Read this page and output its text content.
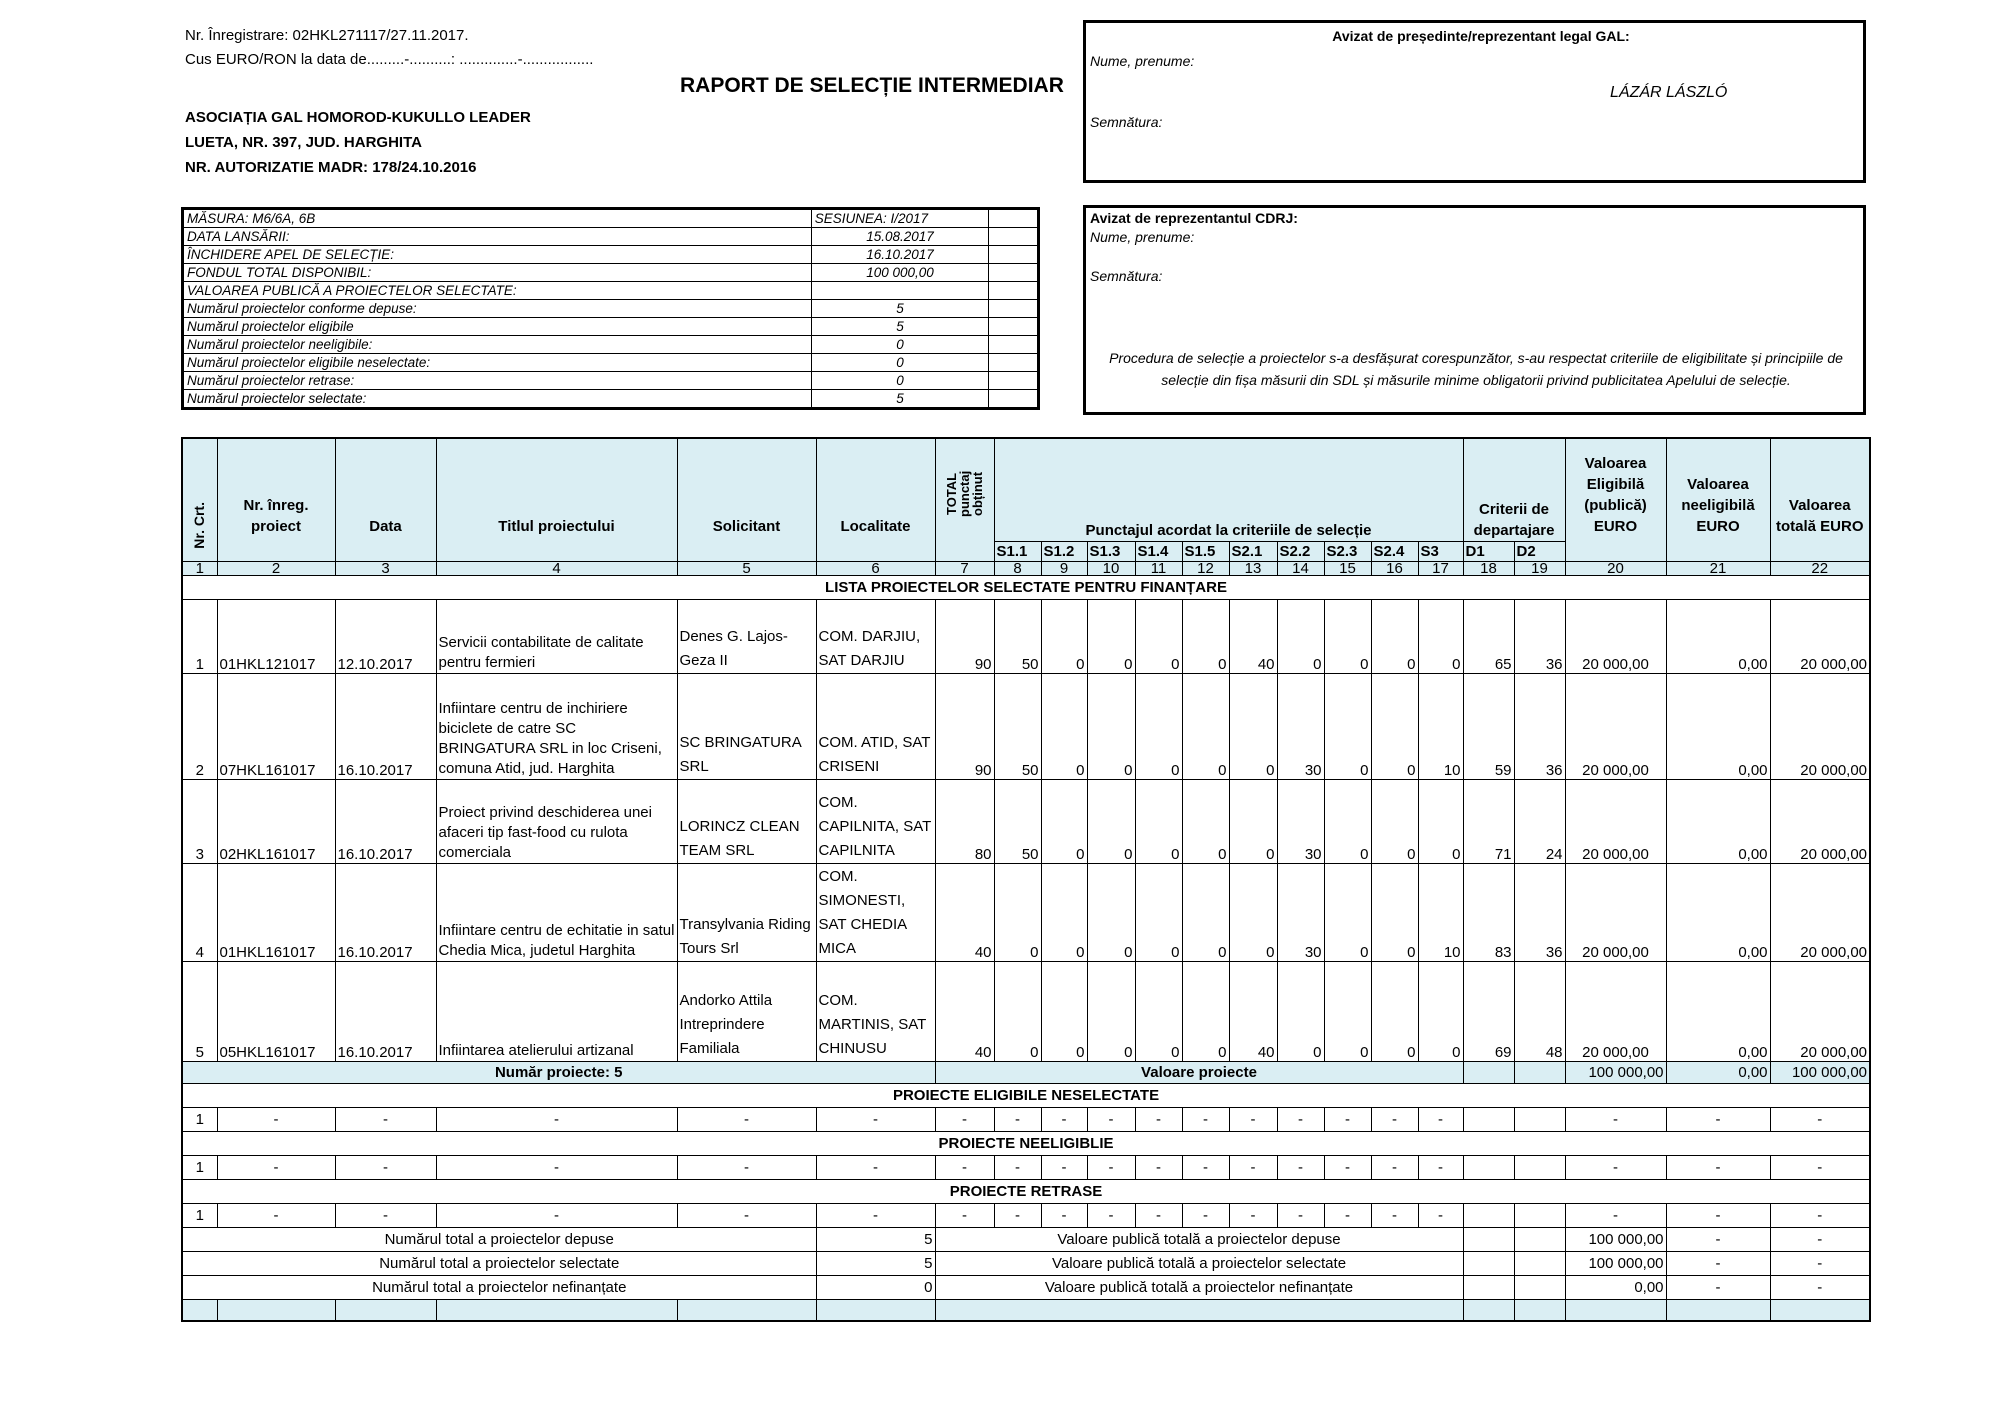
Nr. Înregistrare: 02HKL271117/27.11.2017.
Cus EURO/RON la data de.........-..........: ..............-.................
RAPORT DE SELECȚIE INTERMEDIAR
ASOCIAȚIA GAL HOMOROD-KUKULLO LEADER
LUETA, NR. 397, JUD. HARGHITA
NR. AUTORIZATIE MADR: 178/24.10.2016
Avizat de președinte/reprezentant legal GAL:
Nume, prenume:
LÁZÁR LÁSZLÓ
Semnătura:
Avizat de reprezentantul CDRJ:
Nume, prenume:
Semnătura:
Procedura de selecție a proiectelor s-a desfășurat corespunzător, s-au respectat criteriile de eligibilitate și principiile de selecție din fișa măsurii din SDL și măsurile minime obligatorii privind publicitatea Apelului de selecție.
MĂSURA: M6/6A, 6B	SESIUNEA: I/2017	
DATA LANSĂRII:	15.08.2017	
ÎNCHIDERE APEL DE SELECȚIE:	16.10.2017	
FONDUL TOTAL DISPONIBIL:	100 000,00	
VALOAREA PUBLICĂ A PROIECTELOR SELECTATE:		
Numărul proiectelor conforme depuse:	5	
Numărul proiectelor eligibile	5	
Numărul proiectelor neeligibile:	0	
Numărul proiectelor eligibile neselectate:	0	
Numărul proiectelor retrase:	0	
Numărul proiectelor selectate:	5	
Nr. Crt.	Nr. înreg. proiect	Data	Titlul proiectului	Solicitant	Localitate	TOTAL punctaj obținut	Punctajul acordat la criteriile de selecție										Criterii de departajare		Valoarea Eligibilă (publică) EURO	Valoarea neeligibilă EURO	Valoarea totală EURO
							S1.1	S1.2	S1.3	S1.4	S1.5	S2.1	S2.2	S2.3	S2.4	S3	D1	D2			
1	2	3	4	5	6	7	8	9	10	11	12	13	14	15	16	17	18	19	20	21	22
LISTA PROIECTELOR SELECTATE PENTRU FINANȚARE																					
1	01HKL121017	12.10.2017	Servicii contabilitate de calitate pentru fermieri	Denes G. Lajos-Geza II	COM. DARJIU, SAT DARJIU	90	50	0	0	0	0	40	0	0	0	0	65	36	20 000,00	0,00	20 000,00
2	07HKL161017	16.10.2017	Infiintare centru de inchiriere biciclete de catre SC BRINGATURA SRL in loc Criseni, comuna Atid, jud. Harghita	SC BRINGATURA SRL	COM. ATID, SAT CRISENI	90	50	0	0	0	0	0	30	0	0	10	59	36	20 000,00	0,00	20 000,00
3	02HKL161017	16.10.2017	Proiect privind deschiderea unei afaceri tip fast-food cu rulota comerciala	LORINCZ CLEAN TEAM SRL	COM. CAPILNITA, SAT CAPILNITA	80	50	0	0	0	0	0	30	0	0	0	71	24	20 000,00	0,00	20 000,00
4	01HKL161017	16.10.2017	Infiintare centru de echitatie in satul Chedia Mica, judetul Harghita	Transylvania Riding Tours Srl	COM. SIMONESTI, SAT CHEDIA MICA	40	0	0	0	0	0	0	30	0	0	10	83	36	20 000,00	0,00	20 000,00
5	05HKL161017	16.10.2017	Infiintarea atelierului artizanal	Andorko Attila Intreprindere Familiala	COM. MARTINIS, SAT CHINUSU	40	0	0	0	0	0	40	0	0	0	0	69	48	20 000,00	0,00	20 000,00
Număr proiecte: 5						Valoare proiecte													100 000,00	0,00	100 000,00
PROIECTE ELIGIBILE NESELECTATE																					
1	-	-	-	-	-	-	-	-	-	-	-	-	-	-	-	-			-	-	-
PROIECTE NEELIGIBLIE																					
1	-	-	-	-	-	-	-	-	-	-	-	-	-	-	-	-			-	-	-
PROIECTE RETRASE																					
1	-	-	-	-	-	-	-	-	-	-	-	-	-	-	-	-			-	-	-
Numărul total a proiectelor depuse					5	Valoare publică totală a proiectelor depuse													100 000,00	-	-
Numărul total a proiectelor selectate					5	Valoare publică totală a proiectelor selectate													100 000,00	-	-
Numărul total a proiectelor nefinanțate					0	Valoare publică totală a proiectelor nefinanțate													0,00	-	-
